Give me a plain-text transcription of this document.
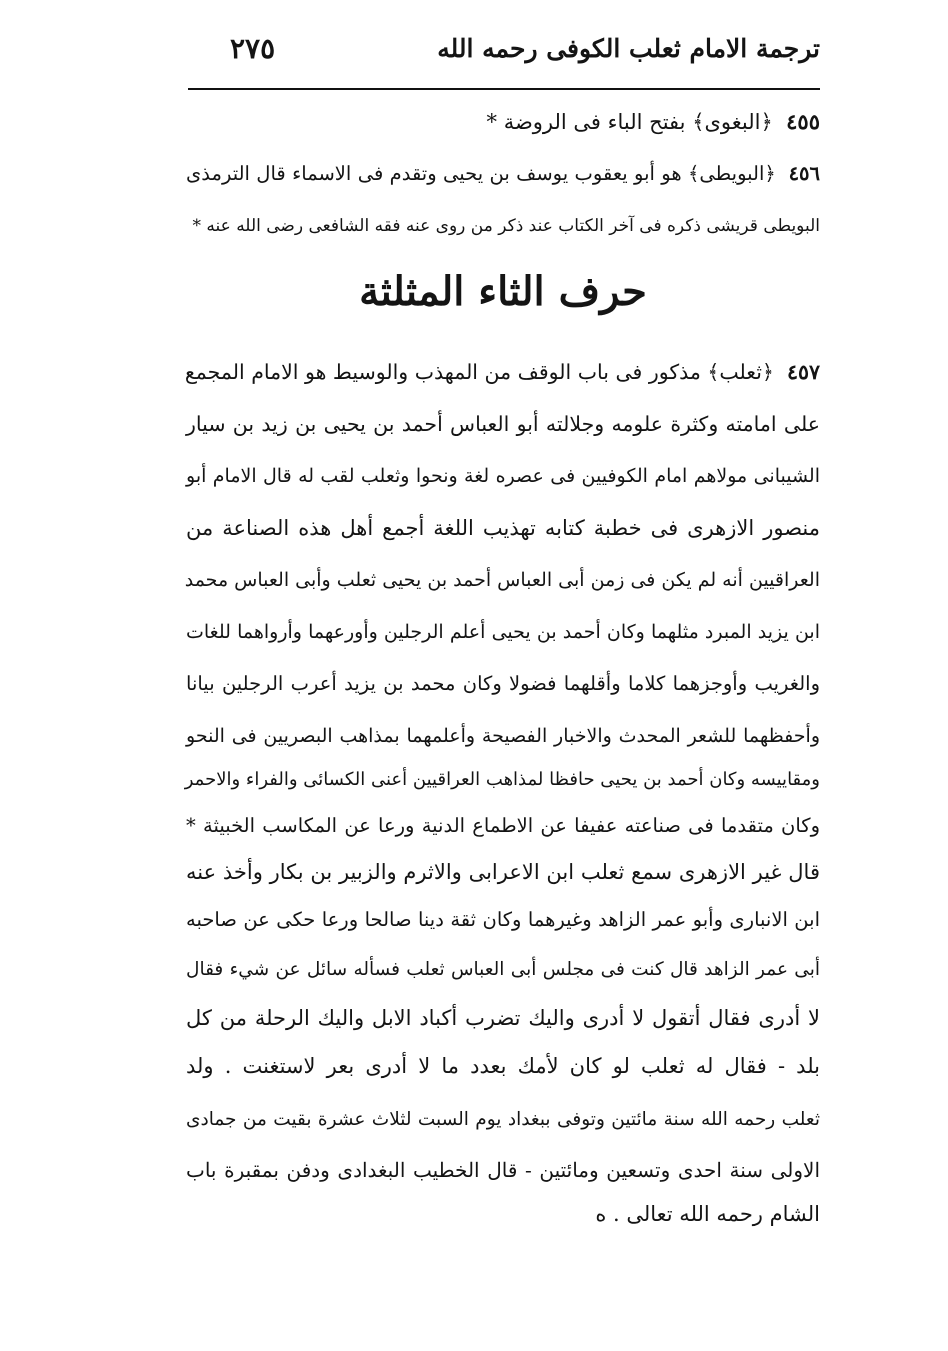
ترجمة الامام ثعلب الكوفى رحمه الله
٢٧٥
٤٥٥  ﴿البغوى﴾ بفتح الباء فى الروضة *
٤٥٦  ﴿البويطى﴾ هو أبو يعقوب يوسف بن يحيى وتقدم فى الاسماء قال الترمذى
البويطى قريشى ذكره فى آخر الكتاب عند ذكر من روى عنه فقه الشافعى رضى الله عنه *
حرف الثاء المثلثة
٤٥٧  ﴿ثعلب﴾ مذكور فى باب الوقف من المهذب والوسيط هو الامام المجمع
على امامته وكثرة علومه وجلالته أبو العباس أحمد بن يحيى بن زيد بن سيار
الشيبانى مولاهم امام الكوفيين فى عصره لغة ونحوا وثعلب لقب له قال الامام أبو
منصور الازهرى فى خطبة كتابه تهذيب اللغة أجمع أهل هذه الصناعة من
العراقيين أنه لم يكن فى زمن أبى العباس أحمد بن يحيى ثعلب وأبى العباس محمد
ابن يزيد المبرد مثلهما وكان أحمد بن يحيى أعلم الرجلين وأورعهما وأرواهما للغات
والغريب وأوجزهما كلاما وأقلهما فضولا وكان محمد بن يزيد أعرب الرجلين بيانا
وأحفظهما للشعر المحدث والاخبار الفصيحة وأعلمهما بمذاهب البصريين فى النحو
ومقاييسه وكان أحمد بن يحيى حافظا لمذاهب العراقيين أعنى الكسائى والفراء والاحمر
وكان متقدما فى صناعته عفيفا عن الاطماع الدنية ورعا عن المكاسب الخبيثة *
قال غير الازهرى سمع ثعلب ابن الاعرابى والاثرم والزبير بن بكار وأخذ عنه
ابن الانبارى وأبو عمر الزاهد وغيرهما وكان ثقة دينا صالحا ورعا حكى عن صاحبه
أبى عمر الزاهد قال كنت فى مجلس أبى العباس ثعلب فسأله سائل عن شيء فقال
لا أدرى فقال أتقول لا أدرى واليك تضرب أكباد الابل واليك الرحلة من كل
بلد - فقال له ثعلب لو كان لأمك بعدد ما لا أدرى بعر لاستغنت . ولد
ثعلب رحمه الله سنة مائتين وتوفى ببغداد يوم السبت لثلاث عشرة بقيت من جمادى
الاولى سنة احدى وتسعين ومائتين - قال الخطيب البغدادى ودفن بمقبرة باب
الشام رحمه الله تعالى . ه
